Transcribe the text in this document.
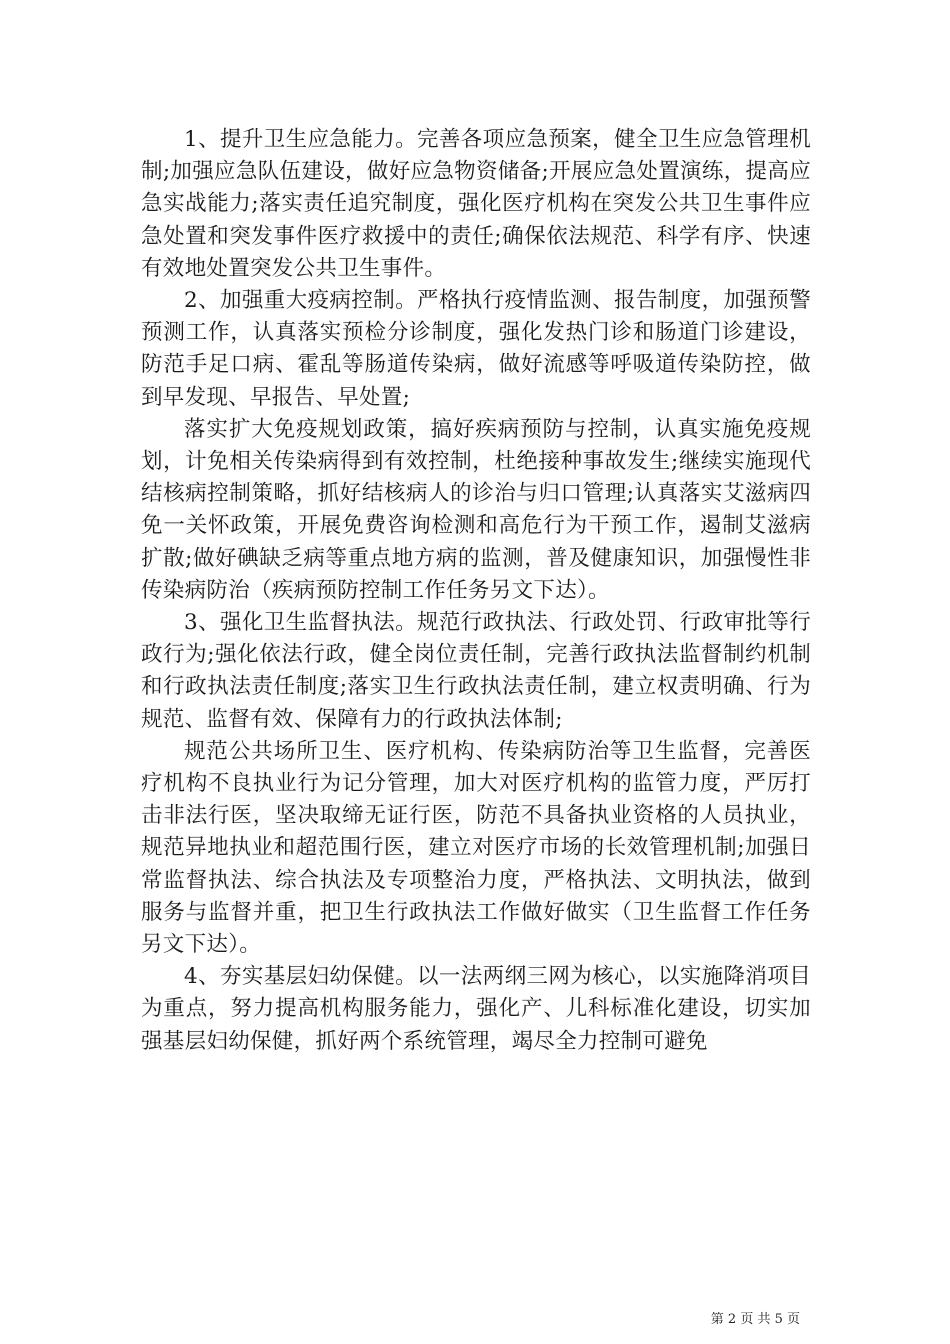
1、提升卫生应急能力。完善各项应急预案，健全卫生应急管理机制;加强应急队伍建设，做好应急物资储备;开展应急处置演练，提高应急实战能力;落实责任追究制度，强化医疗机构在突发公共卫生事件应急处置和突发事件医疗救援中的责任;确保依法规范、科学有序、快速有效地处置突发公共卫生事件。

2、加强重大疫病控制。严格执行疫情监测、报告制度，加强预警预测工作，认真落实预检分诊制度，强化发热门诊和肠道门诊建设，防范手足口病、霍乱等肠道传染病，做好流感等呼吸道传染防控，做到早发现、早报告、早处置;

落实扩大免疫规划政策，搞好疾病预防与控制，认真实施免疫规划，计免相关传染病得到有效控制，杜绝接种事故发生;继续实施现代结核病控制策略，抓好结核病人的诊治与归口管理;认真落实艾滋病四免一关怀政策，开展免费咨询检测和高危行为干预工作，遏制艾滋病扩散;做好碘缺乏病等重点地方病的监测，普及健康知识，加强慢性非传染病防治（疾病预防控制工作任务另文下达）。

3、强化卫生监督执法。规范行政执法、行政处罚、行政审批等行政行为;强化依法行政，健全岗位责任制，完善行政执法监督制约机制和行政执法责任制度;落实卫生行政执法责任制，建立权责明确、行为规范、监督有效、保障有力的行政执法体制;

规范公共场所卫生、医疗机构、传染病防治等卫生监督，完善医疗机构不良执业行为记分管理，加大对医疗机构的监管力度，严厉打击非法行医，坚决取缔无证行医，防范不具备执业资格的人员执业，规范异地执业和超范围行医，建立对医疗市场的长效管理机制;加强日常监督执法、综合执法及专项整治力度，严格执法、文明执法，做到服务与监督并重，把卫生行政执法工作做好做实（卫生监督工作任务另文下达）。

4、夯实基层妇幼保健。以一法两纲三网为核心，以实施降消项目为重点，努力提高机构服务能力，强化产、儿科标准化建设，切实加强基层妇幼保健，抓好两个系统管理，竭尽全力控制可避免

第 2 页 共 5 页
